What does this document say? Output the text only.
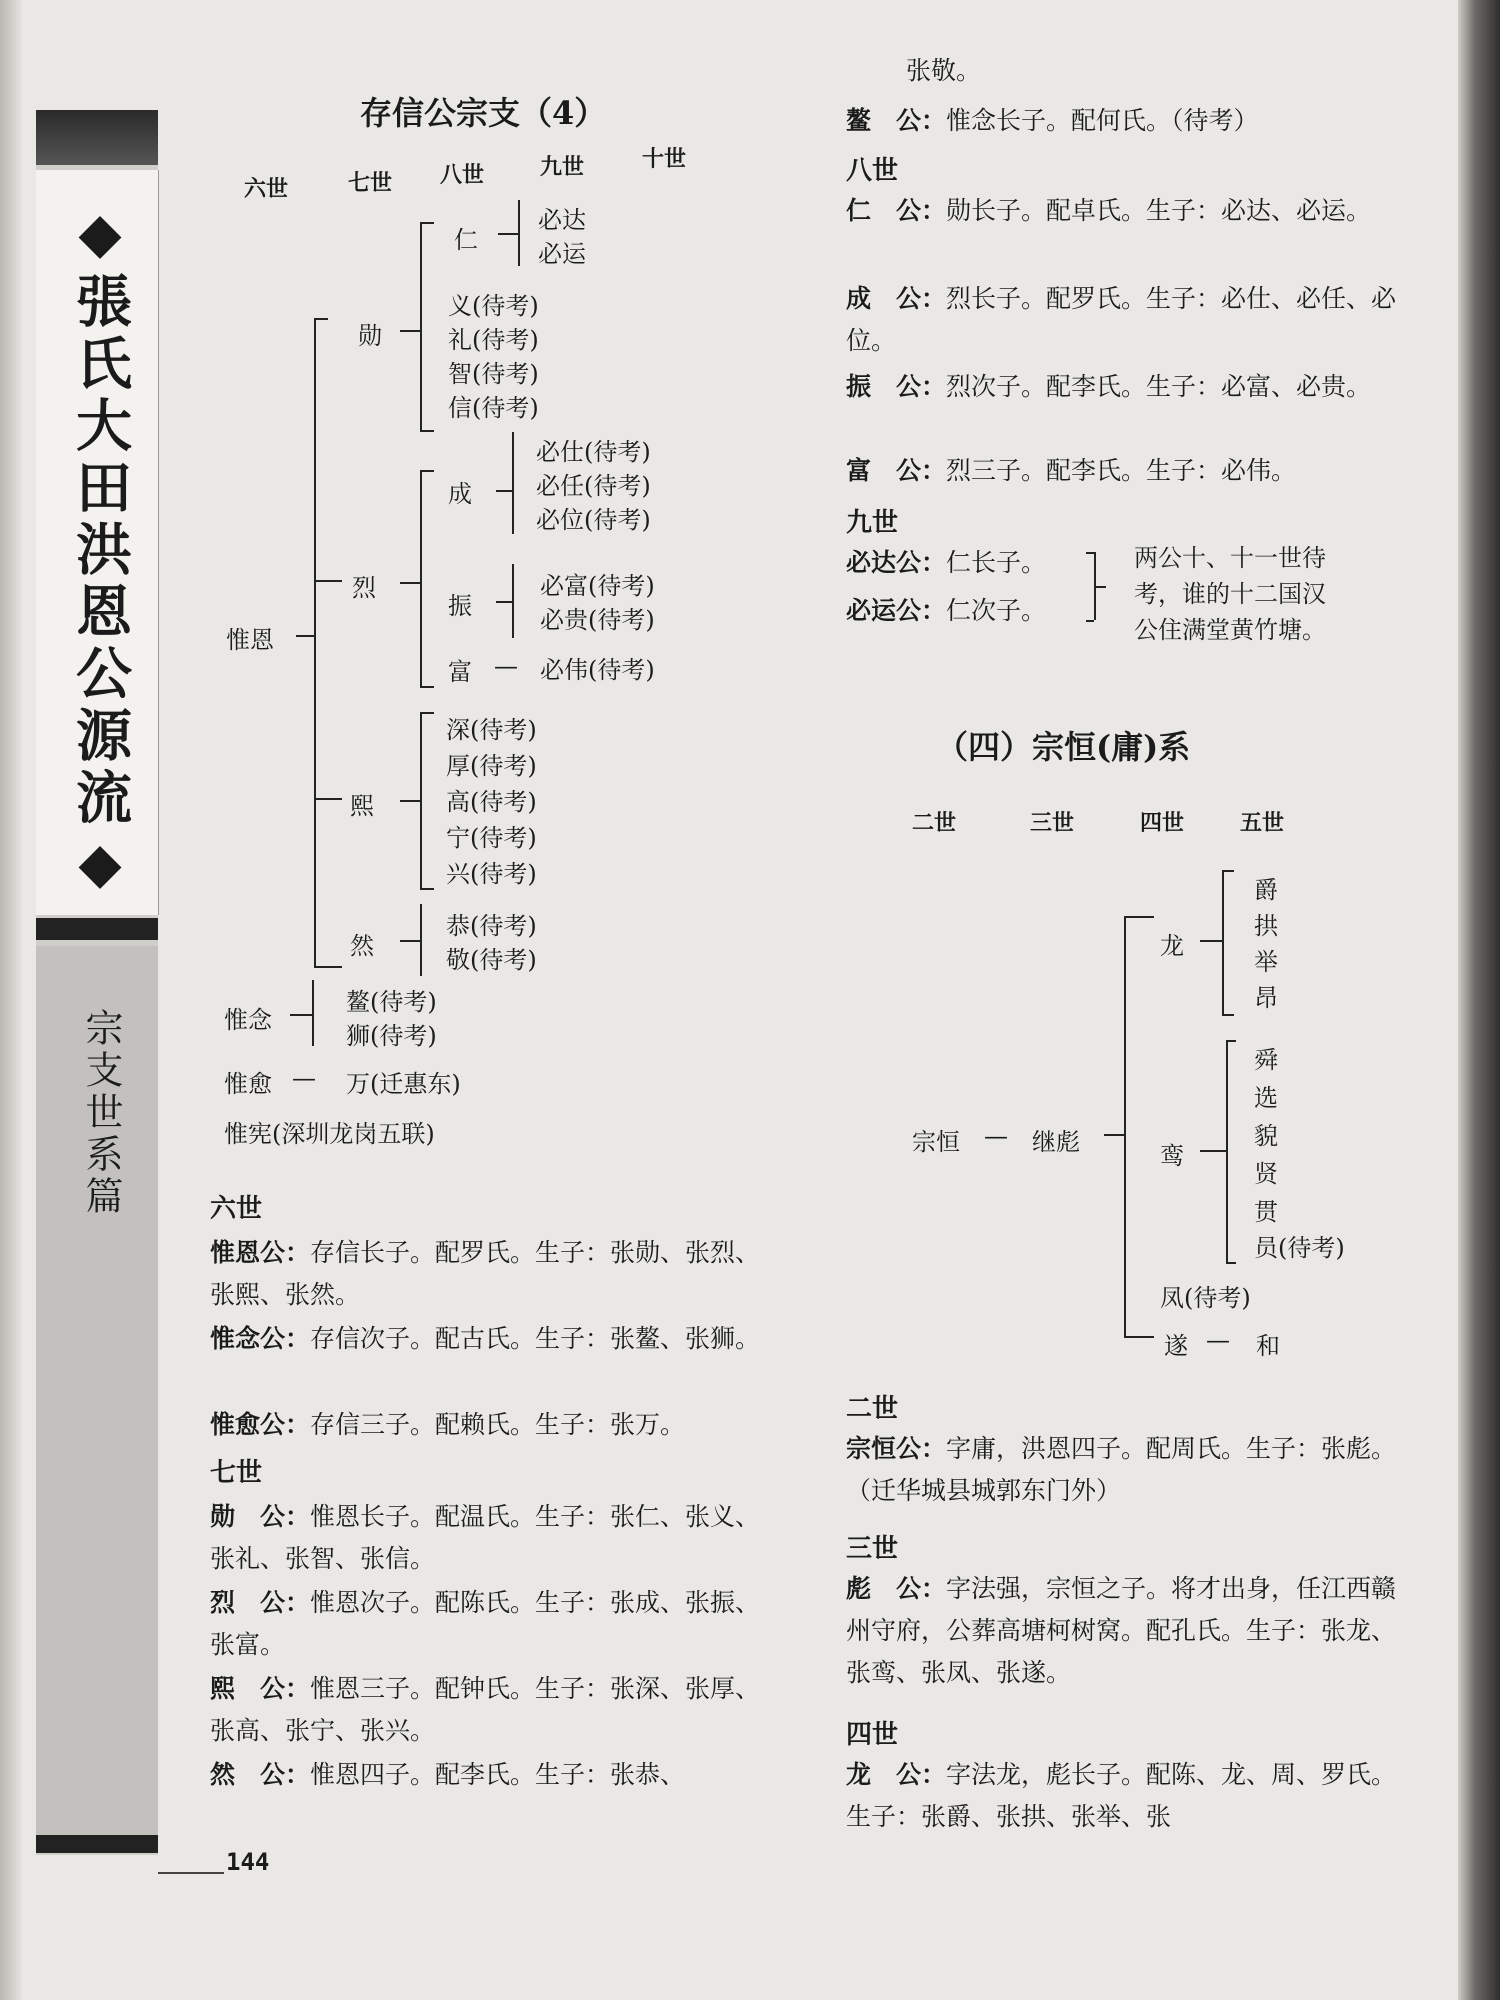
◆張氏大田洪恩公源流◆
宗支世系篇
144
存信公宗支（4）
六世	七世 八世	九世	十世
惟恩
勋
仁
必达
必运
义(待考)
礼(待考)
智(待考)
信(待考)
烈
成
必仕(待考)
必任(待考)
必位(待考)
振
必富(待考)
必贵(待考)
富 — 必伟(待考)
熙
深(待考)
厚(待考)
高(待考)
宁(待考)
兴(待考)
然
恭(待考)
敬(待考)
惟念
鳌(待考)
狮(待考)
惟愈 — 万(迁惠东)
惟宪(深圳龙岗五联)
六世
惟恩公：存信长子。配罗氏。生子：张勋、张烈、张熙、张然。
惟念公：存信次子。配古氏。生子：张鳌、张狮。
惟愈公：存信三子。配赖氏。生子：张万。
七世
勋　公：惟恩长子。配温氏。生子：张仁、张义、张礼、张智、张信。
烈　公：惟恩次子。配陈氏。生子：张成、张振、张富。
熙　公：惟恩三子。配钟氏。生子：张深、张厚、张高、张宁、张兴。
然　公：惟恩四子。配李氏。生子：张恭、
张敬。
鳌　公：惟念长子。配何氏。（待考）
八世
仁　公：勋长子。配卓氏。生子：必达、必运。
成　公：烈长子。配罗氏。生子：必仕、必任、必位。
振　公：烈次子。配李氏。生子：必富、必贵。
富　公：烈三子。配李氏。生子：必伟。
九世
必达公：仁长子。
必运公：仁次子。
两公十、十一世待
考，谁的十二国汉
公住满堂黄竹塘。
（四）宗恒(庸)系
二世	三世	四世	五世
宗恒 — 继彪
龙
爵
拱
举
昂
鸾
舜
选
貌
贤
贯
员(待考)
凤(待考)
遂 — 和
二世
宗恒公：字庸，洪恩四子。配周氏。生子：张彪。（迁华城县城郭东门外）
三世
彪　公：字法强，宗恒之子。将才出身，任江西赣州守府，公葬高塘柯树窝。配孔氏。生子：张龙、张鸾、张凤、张遂。
四世
龙　公：字法龙，彪长子。配陈、龙、周、罗氏。生子：张爵、张拱、张举、张
